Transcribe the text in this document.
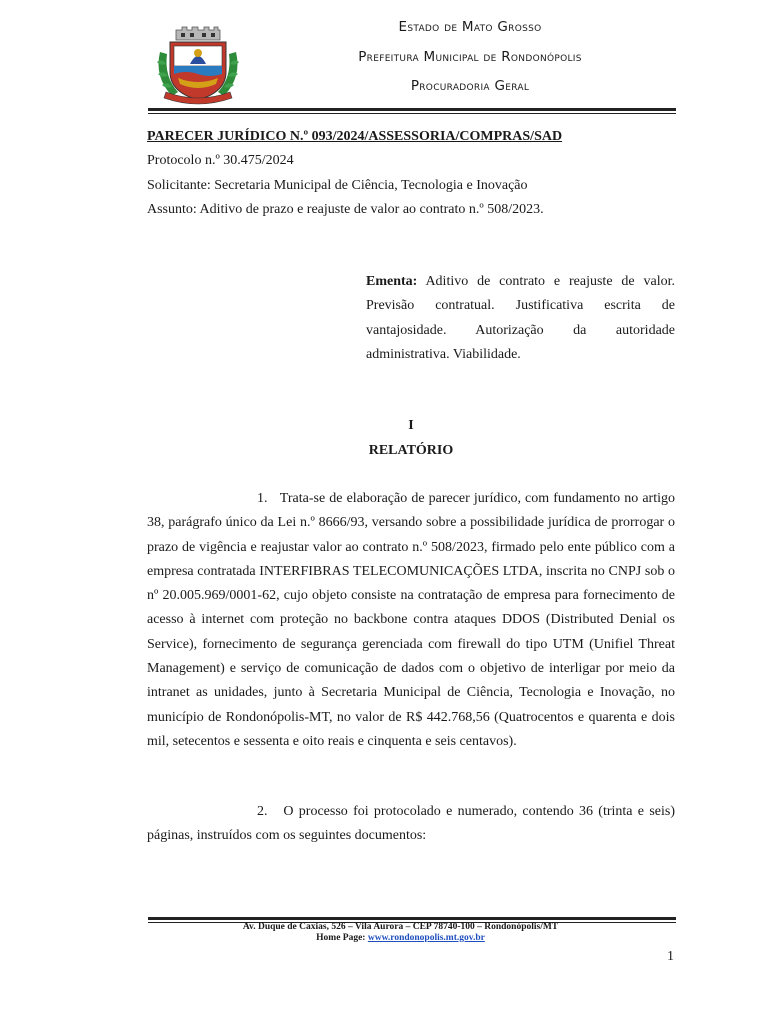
Estado de Mato Grosso
Prefeitura Municipal de Rondonópolis
Procuradoria Geral
PARECER JURÍDICO N.º 093/2024/ASSESSORIA/COMPRAS/SAD
Protocolo n.º 30.475/2024
Solicitante: Secretaria Municipal de Ciência, Tecnologia e Inovação
Assunto: Aditivo de prazo e reajuste de valor ao contrato n.º 508/2023.
Ementa: Aditivo de contrato e reajuste de valor. Previsão contratual. Justificativa escrita de vantajosidade. Autorização da autoridade administrativa. Viabilidade.
I
RELATÓRIO
1.   Trata-se de elaboração de parecer jurídico, com fundamento no artigo 38, parágrafo único da Lei n.º 8666/93, versando sobre a possibilidade jurídica de prorrogar o prazo de vigência e reajustar valor ao contrato n.º 508/2023, firmado pelo ente público com a empresa contratada INTERFIBRAS TELECOMUNICAÇÕES LTDA, inscrita no CNPJ sob o nº 20.005.969/0001-62, cujo objeto consiste na contratação de empresa para fornecimento de acesso à internet com proteção no backbone contra ataques DDOS (Distributed Denial os Service), fornecimento de segurança gerenciada com firewall do tipo UTM (Unifiel Threat Management) e serviço de comunicação de dados com o objetivo de interligar por meio da intranet as unidades, junto à Secretaria Municipal de Ciência, Tecnologia e Inovação, no município de Rondonópolis-MT, no valor de R$ 442.768,56 (Quatrocentos e quarenta e dois mil, setecentos e sessenta e oito reais e cinquenta e seis centavos).
2.   O processo foi protocolado e numerado, contendo 36 (trinta e seis) páginas, instruídos com os seguintes documentos:
Av. Duque de Caxias, 526 – Vila Aurora – CEP 78740-100 – Rondonópolis/MT
Home Page: www.rondonopolis.mt.gov.br
1
